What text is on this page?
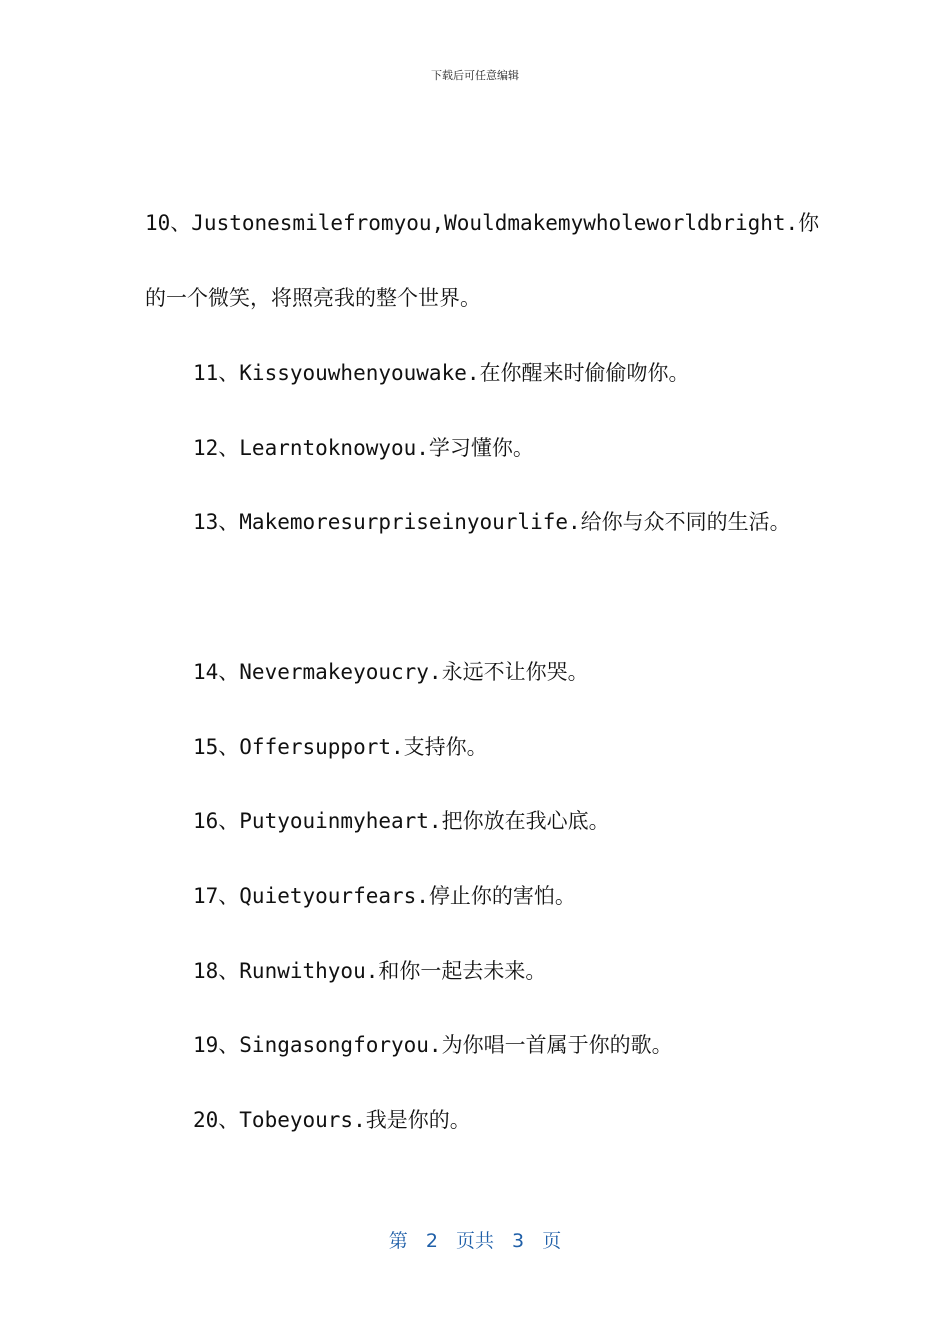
下载后可任意编辑
10、Justonesmilefromyou,Wouldmakemywholeworldbright.你
的一个微笑，将照亮我的整个世界。
11、Kissyouwhenyouwake.在你醒来时偷偷吻你。
12、Learntoknowyou.学习懂你。
13、Makemoresurpriseinyourlife.给你与众不同的生活。
14、Nevermakeyoucry.永远不让你哭。
15、Offersupport.支持你。
16、Putyouinmyheart.把你放在我心底。
17、Quietyourfears.停止你的害怕。
18、Runwithyou.和你一起去未来。
19、Singasongforyou.为你唱一首属于你的歌。
20、Tobeyours.我是你的。
第 2 页共 3 页
